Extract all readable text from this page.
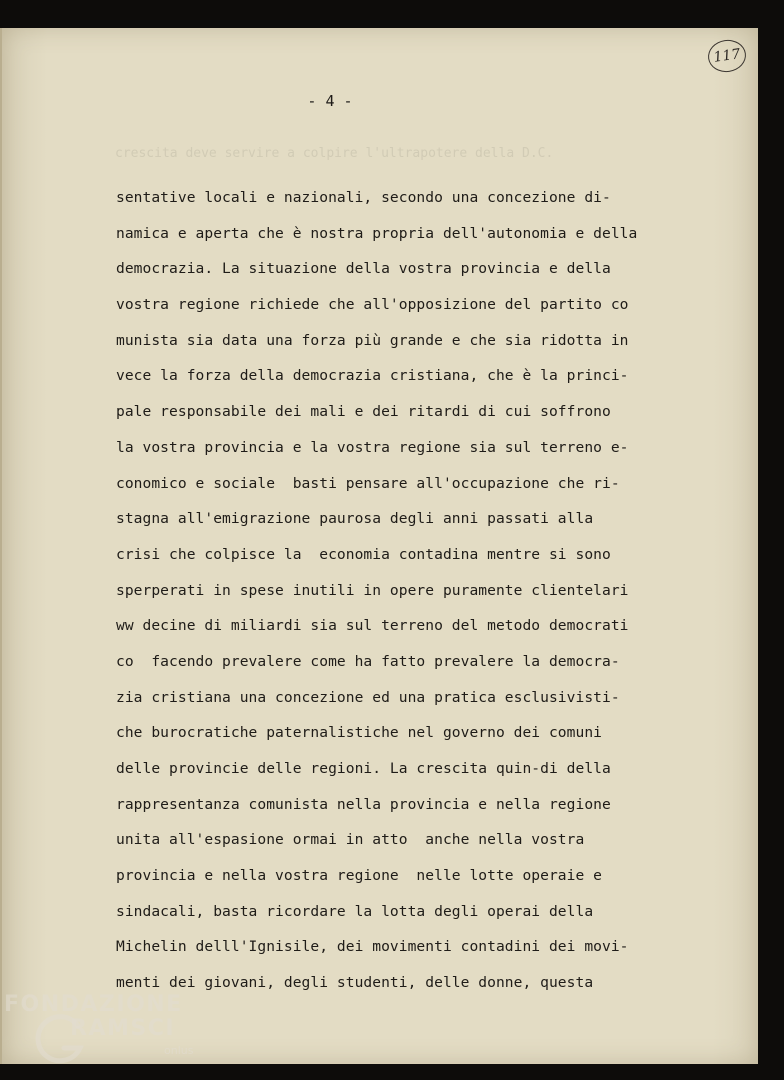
117
- 4 -
crescita deve servire a colpire l'ultrapotere della D.C.
sentative locali e nazionali, secondo una concezione di-
namica e aperta che è nostra propria dell'autonomia e della
democrazia. La situazione della vostra provincia e della
vostra regione richiede che all'opposizione del partito co
munista sia data una forza più grande e che sia ridotta in
vece la forza della democrazia cristiana, che è la princi-
pale responsabile dei mali e dei ritardi di cui soffrono
la vostra provincia e la vostra regione sia sul terreno e-
conomico e sociale  basti pensare all'occupazione che ri-
stagna all'emigrazione paurosa degli anni passati alla
crisi che colpisce la  economia contadina mentre si sono
sperperati in spese inutili in opere puramente clientelari
ww decine di miliardi sia sul terreno del metodo democrati
co  facendo prevalere come ha fatto prevalere la democra-
zia cristiana una concezione ed una pratica esclusivisti-
che burocratiche paternalistiche nel governo dei comuni
delle provincie delle regioni. La crescita quin-di della
rappresentanza comunista nella provincia e nella regione
unita all'espasione ormai in atto  anche nella vostra
provincia e nella vostra regione  nelle lotte operaie e
sindacali, basta ricordare la lotta degli operai della
Michelin delll'Ignisile, dei movimenti contadini dei movi-
menti dei giovani, degli studenti, delle donne, questa
FONDAZIONE
RAMSCI
onlus
